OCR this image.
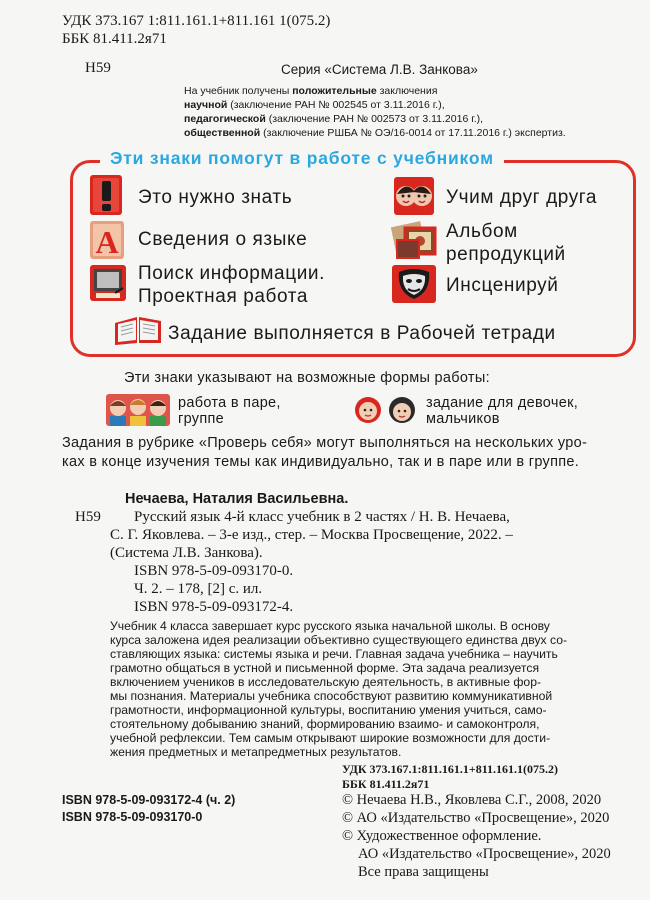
УДК 373.167 1:811.161.1+811.161 1(075.2)
ББК 81.411.2я71
Н59	Серия «Система Л.В. Занкова»
На учебник получены положительные заключения
научной (заключение РАН № 002545 от 3.11.2016 г.),
педагогической (заключение РАН № 002573 от 3.11.2016 г.),
общественной (заключение РШБА № ОЭ/16-0014 от 17.11.2016 г.) экспертиз.
Эти знаки помогут в работе с учебником
Это нужно знать
А Сведения о языке
Поиск информации.
Проектная работа
Учим друг друга
Альбом
репродукций
Инсценируй
Задание выполняется в Рабочей тетради
Эти знаки указывают на возможные формы работы:
работа в паре,
группе
задание для девочек,
мальчиков
Задания в рубрике «Проверь себя» могут выполняться на нескольких уро-
ках в конце изучения темы как индивидуально, так и в паре или в группе.
Нечаева, Наталия Васильевна.
Н59 Русский язык 4-й класс учебник в 2 частях / Н. В. Нечаева,
С. Г. Яковлева. – 3-е изд., стер. – Москва Просвещение, 2022. –
(Система Л.В. Занкова).
ISBN 978-5-09-093170-0.
Ч. 2. – 178, [2] с. ил.
ISBN 978-5-09-093172-4.
Учебник 4 класса завершает курс русского языка начальной школы. В основу
курса заложена идея реализации объективно существующего единства двух со-
ставляющих языка: системы языка и речи. Главная задача учебника – научить
грамотно общаться в устной и письменной форме. Эта задача реализуется
включением учеников в исследовательскую деятельность, в активные фор-
мы познания. Материалы учебника способствуют развитию коммуникативной
грамотности, информационной культуры, воспитанию умения учиться, само-
стоятельному добыванию знаний, формированию взаимо- и самоконтроля,
учебной рефлексии. Тем самым открывают широкие возможности для дости-
жения предметных и метапредметных результатов.
УДК 373.167.1:811.161.1+811.161.1(075.2)
ББК 81.411.2я71
ISBN 978-5-09-093172-4 (ч. 2)
ISBN 978-5-09-093170-0
© Нечаева Н.В., Яковлева С.Г., 2008, 2020
© АО «Издательство «Просвещение», 2020
© Художественное оформление.
АО «Издательство «Просвещение», 2020
Все права защищены
